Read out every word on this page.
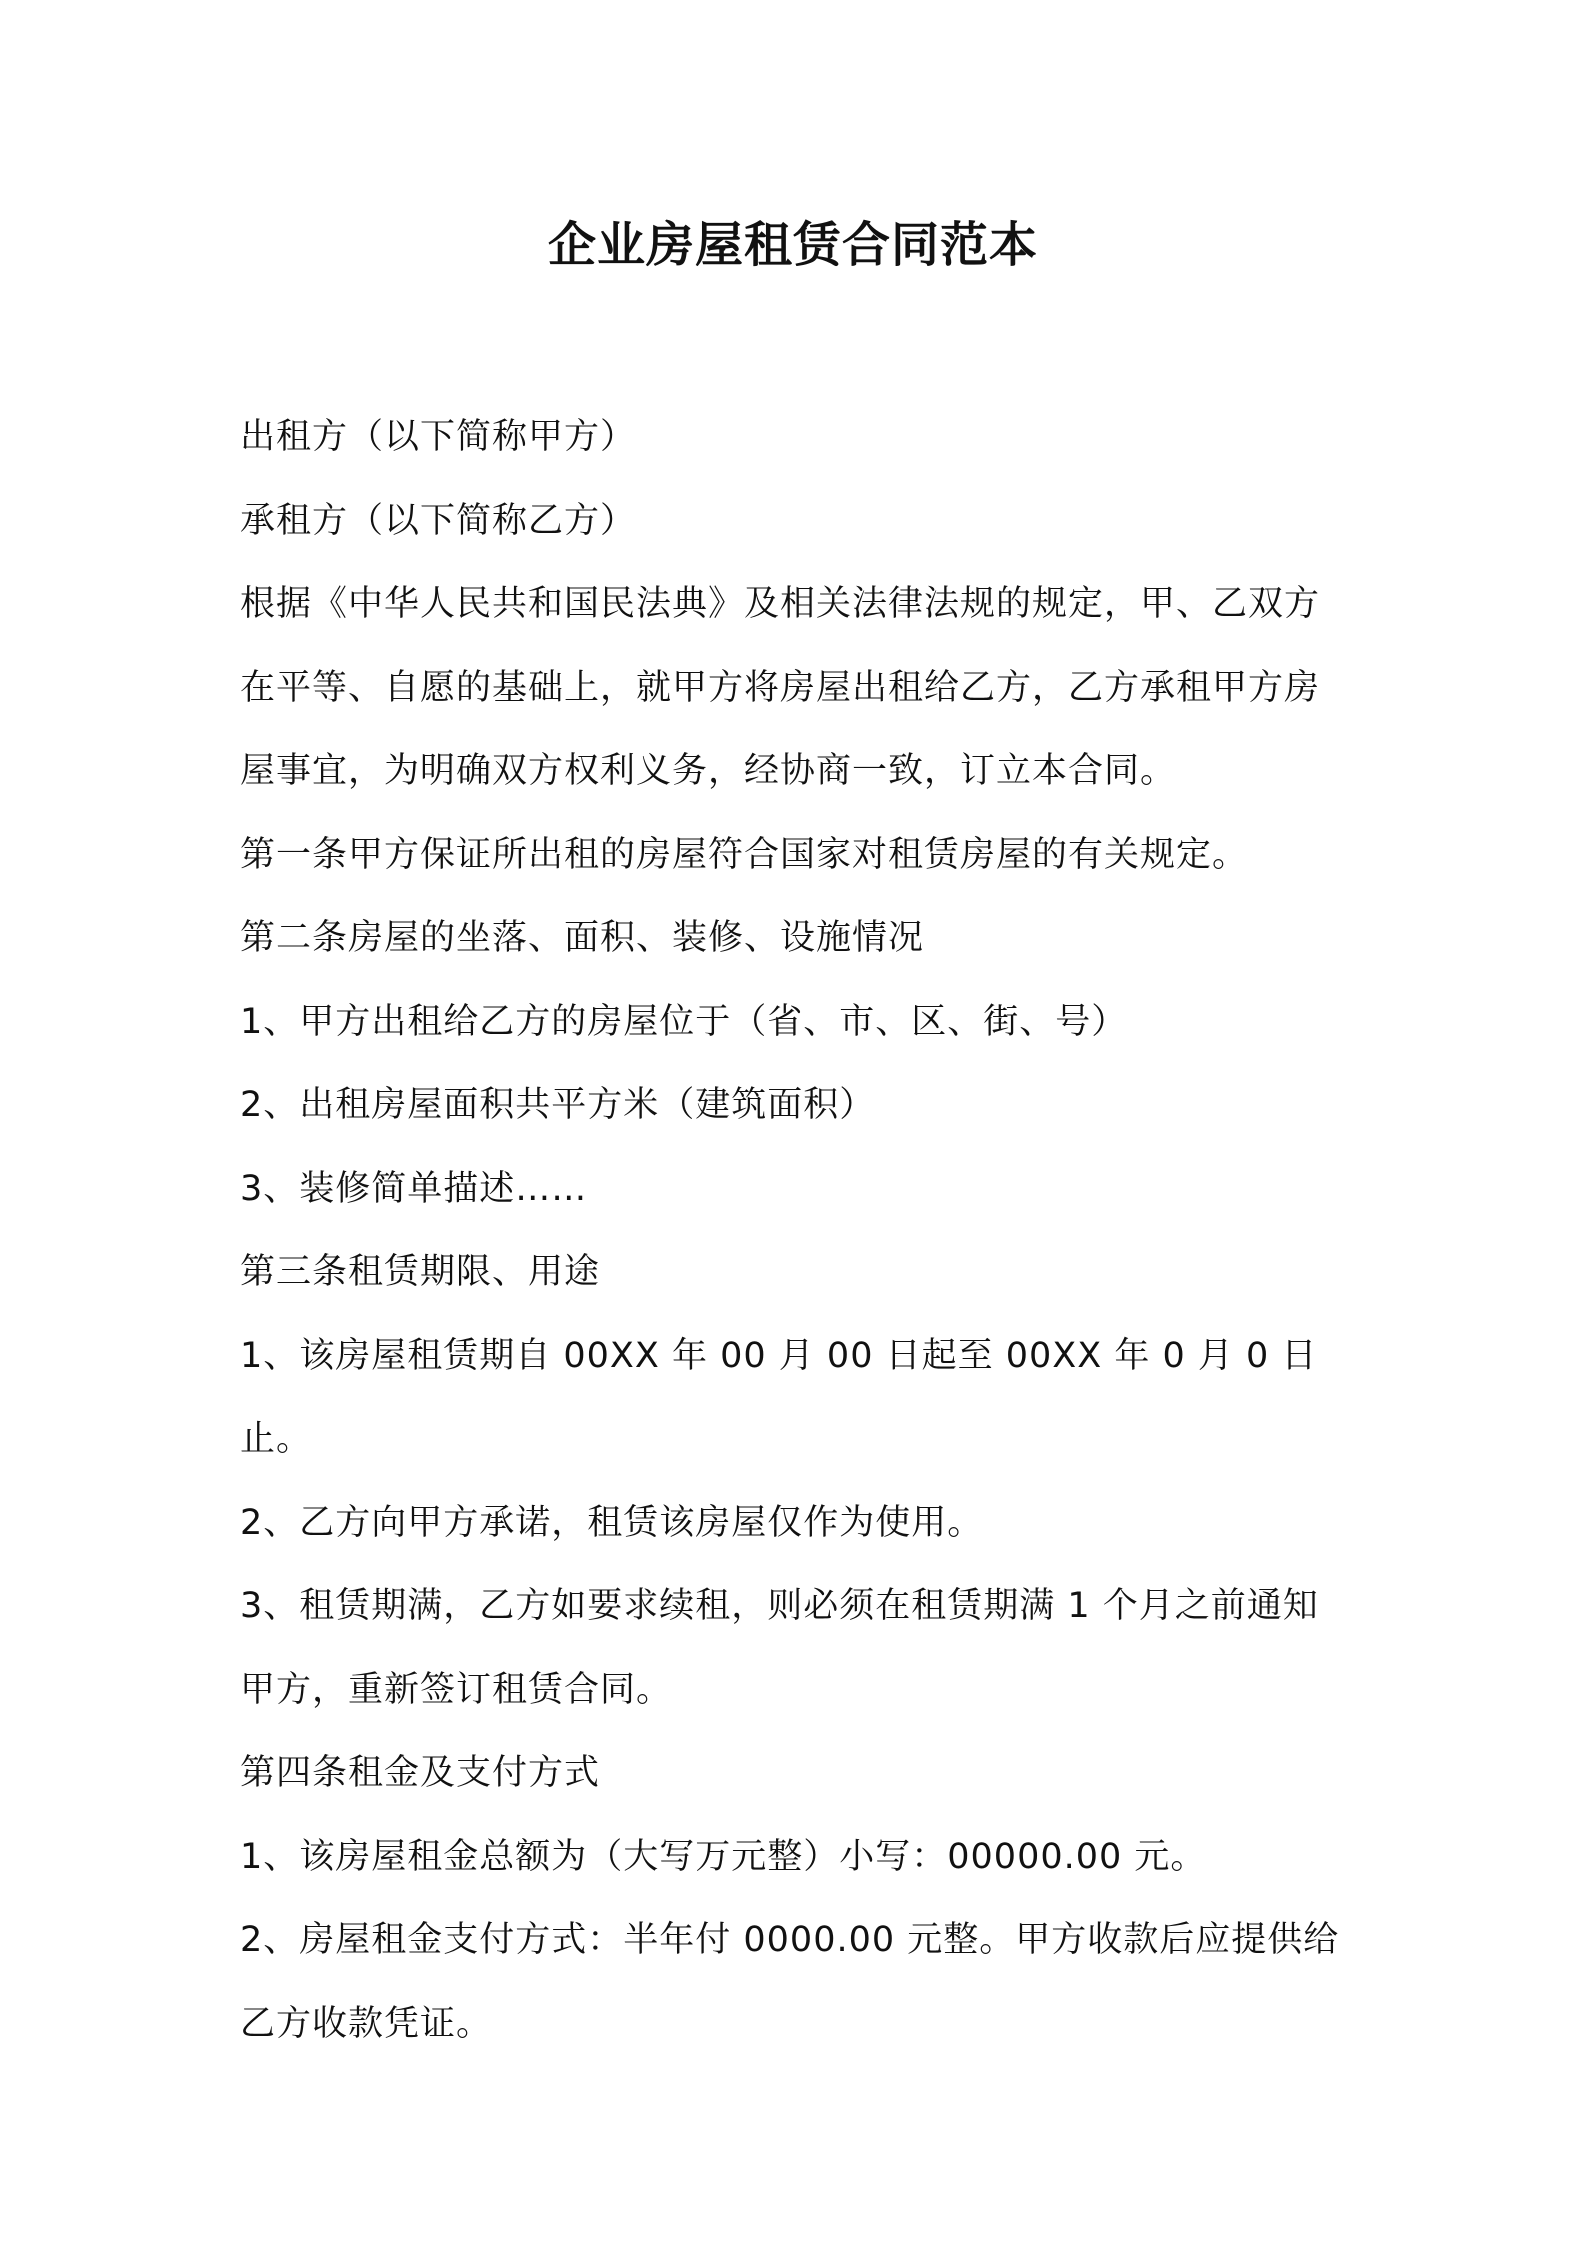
企业房屋租赁合同范本

出租方（以下简称甲方）

承租方（以下简称乙方）

根据《中华人民共和国民法典》及相关法律法规的规定，甲、乙双方在平等、自愿的基础上，就甲方将房屋出租给乙方，乙方承租甲方房屋事宜，为明确双方权利义务，经协商一致，订立本合同。

第一条甲方保证所出租的房屋符合国家对租赁房屋的有关规定。

第二条房屋的坐落、面积、装修、设施情况

1、甲方出租给乙方的房屋位于（省、市、区、街、号）

2、出租房屋面积共平方米（建筑面积）

3、装修简单描述……

第三条租赁期限、用途

1、该房屋租赁期自 00XX 年 00 月 00 日起至 00XX 年 0 月 0 日止。

2、乙方向甲方承诺，租赁该房屋仅作为使用。

3、租赁期满，乙方如要求续租，则必须在租赁期满 1 个月之前通知甲方，重新签订租赁合同。

第四条租金及支付方式

1、该房屋租金总额为（大写万元整）小写：00000.00 元。

2、房屋租金支付方式：半年付 0000.00 元整。甲方收款后应提供给乙方收款凭证。
